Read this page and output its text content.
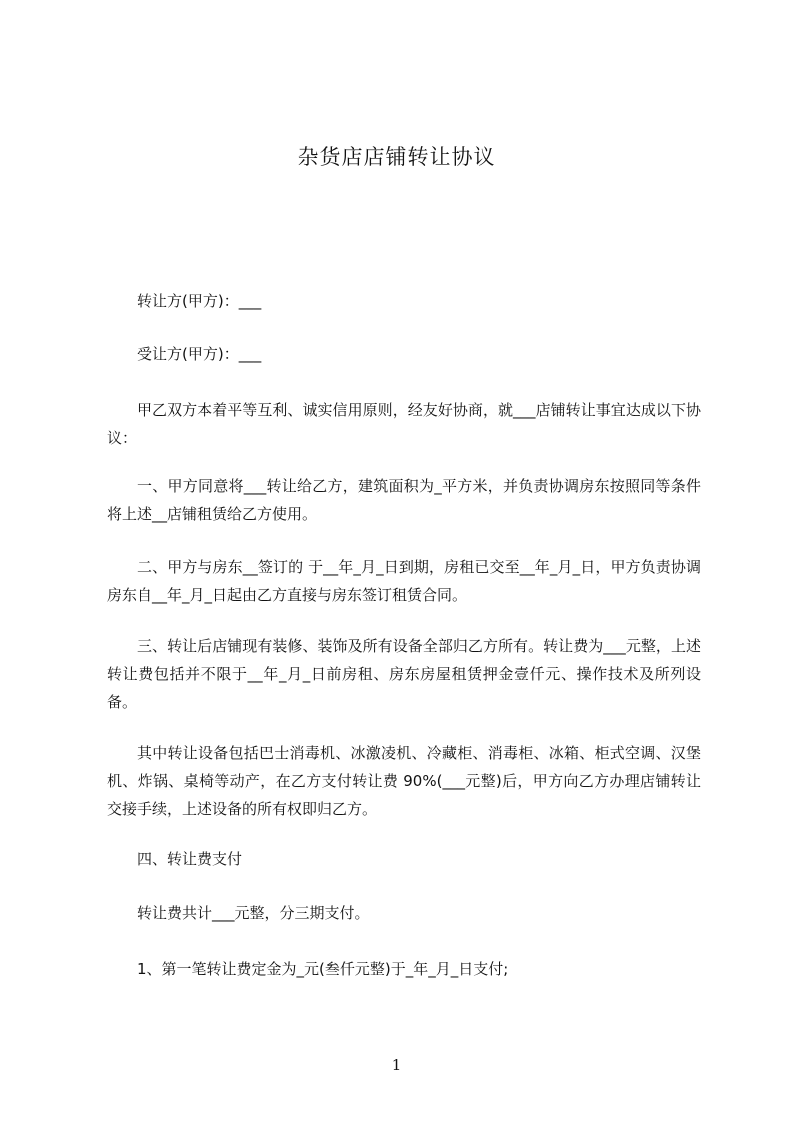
杂货店店铺转让协议

转让方(甲方)：___

受让方(甲方)：___

甲乙双方本着平等互利、诚实信用原则，经友好协商，就___店铺转让事宜达成以下协议：

一、甲方同意将___转让给乙方，建筑面积为_平方米，并负责协调房东按照同等条件将上述__店铺租赁给乙方使用。

二、甲方与房东__签订的 于__年_月_日到期，房租已交至__年_月_日，甲方负责协调房东自__年_月_日起由乙方直接与房东签订租赁合同。

三、转让后店铺现有装修、装饰及所有设备全部归乙方所有。转让费为___元整，上述转让费包括并不限于__年_月_日前房租、房东房屋租赁押金壹仟元、操作技术及所列设备。

其中转让设备包括巴士消毒机、冰激凌机、冷藏柜、消毒柜、冰箱、柜式空调、汉堡机、炸锅、桌椅等动产，在乙方支付转让费 90%(___元整)后，甲方向乙方办理店铺转让交接手续，上述设备的所有权即归乙方。

四、转让费支付

转让费共计___元整，分三期支付。

1、第一笔转让费定金为_元(叁仟元整)于_年_月_日支付;

1
